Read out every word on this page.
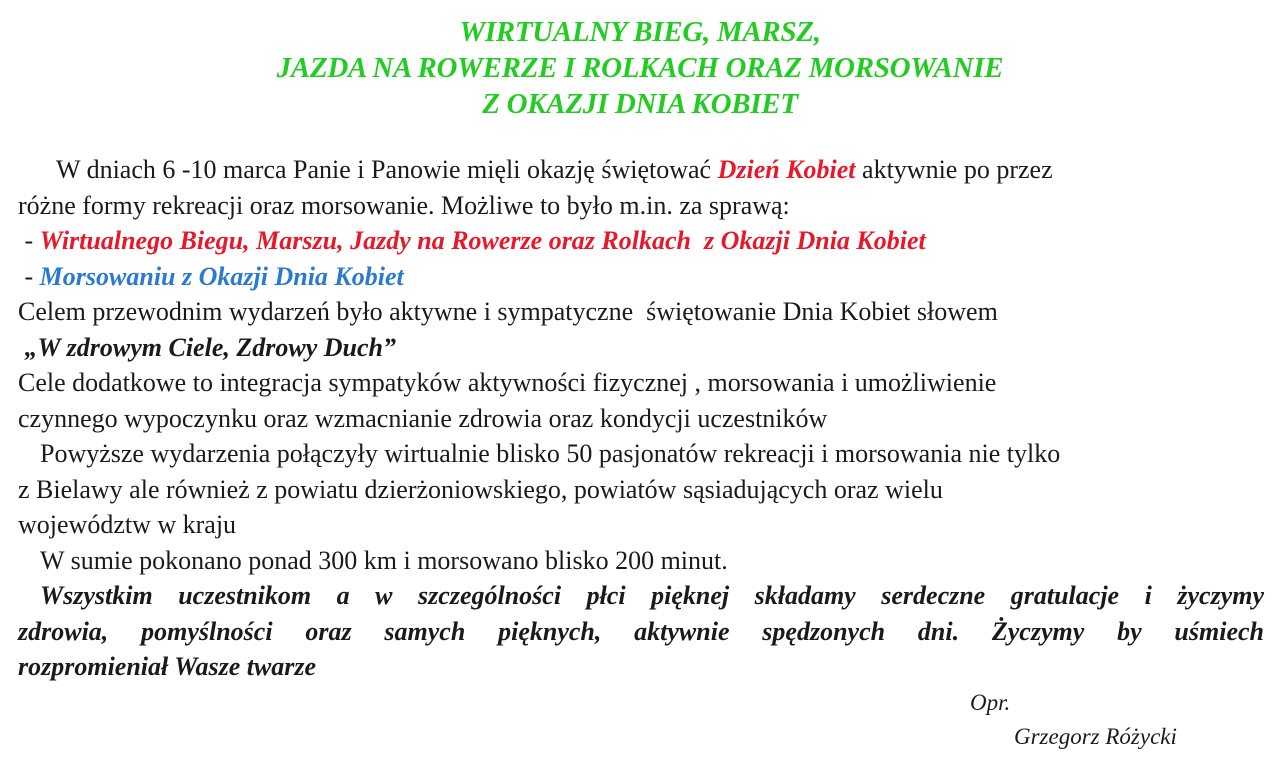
WIRTUALNY BIEG, MARSZ,
JAZDA NA ROWERZE I ROLKACH ORAZ MORSOWANIE
Z OKAZJI DNIA KOBIET
W dniach 6 -10 marca Panie i Panowie mięli okazję świętować Dzień Kobiet aktywnie po przez
różne formy rekreacji oraz morsowanie. Możliwe to było m.in. za sprawą:
- Wirtualnego Biegu, Marszu, Jazdy na Rowerze oraz Rolkach  z Okazji Dnia Kobiet
- Morsowaniu z Okazji Dnia Kobiet
Celem przewodnim wydarzeń było aktywne i sympatyczne  świętowanie Dnia Kobiet słowem
„W zdrowym Ciele, Zdrowy Duch”
Cele dodatkowe to integracja sympatyków aktywności fizycznej , morsowania i umożliwienie
czynnego wypoczynku oraz wzmacnianie zdrowia oraz kondycji uczestników
Powyższe wydarzenia połączyły wirtualnie blisko 50 pasjonatów rekreacji i morsowania nie tylko
z Bielawy ale również z powiatu dzierżoniowskiego, powiatów sąsiadujących oraz wielu
województw w kraju
W sumie pokonano ponad 300 km i morsowano blisko 200 minut.
Wszystkim uczestnikom a w szczególności płci pięknej składamy serdeczne gratulacje i życzymy
zdrowia, pomyślności oraz samych pięknych, aktywnie spędzonych dni. Życzymy by uśmiech
rozpromieniał Wasze twarze
Opr.
Grzegorz Różycki
